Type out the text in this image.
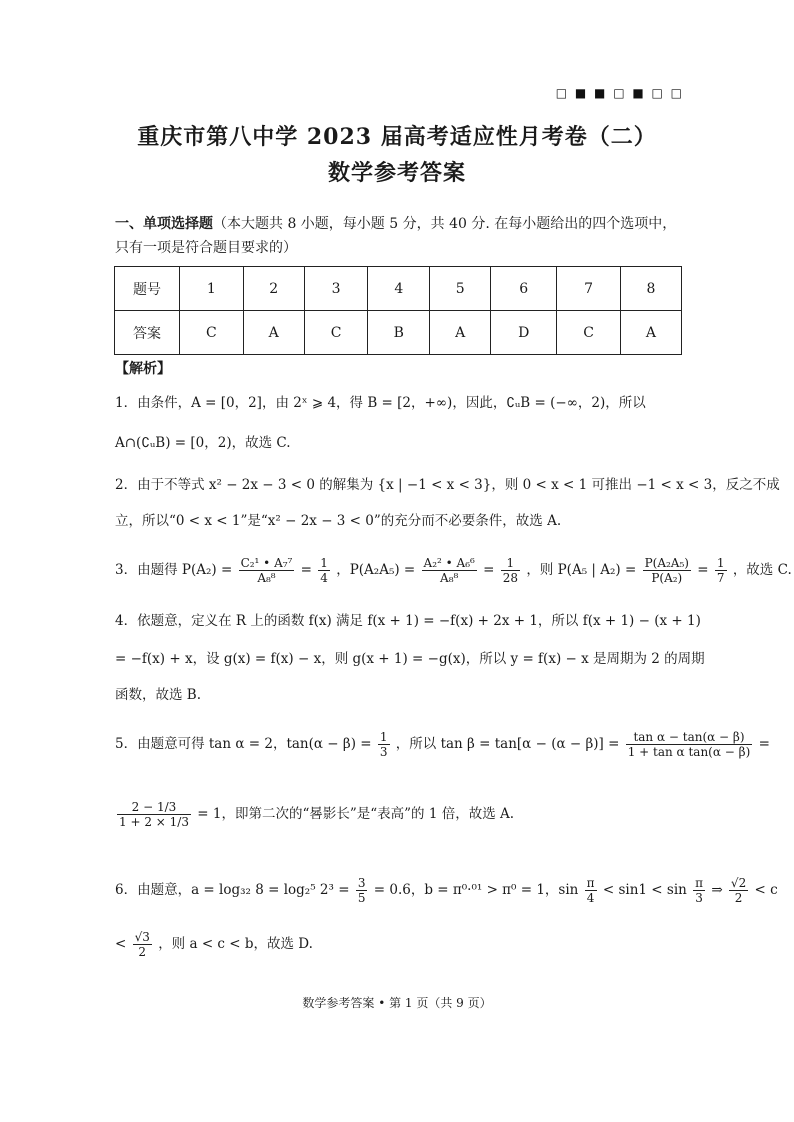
□ ■ ■ □ ■ □ □
重庆市第八中学 2023 届高考适应性月考卷（二）
数学参考答案
一、单项选择题（本大题共 8 小题，每小题 5 分，共 40 分. 在每小题给出的四个选项中，只有一项是符合题目要求的）
题号	1	2	3	4	5	6	7	8
答案	C	A	C	B	A	D	C	A
【解析】
1．由条件，A = [0，2]，由 2ˣ ⩾ 4，得 B = [2，+∞)，因此，∁ᵤB = (−∞，2)，所以
A∩(∁ᵤB) = [0，2)，故选 C.
2．由于不等式 x² − 2x − 3 < 0 的解集为 {x | −1 < x < 3}，则 0 < x < 1 可推出 −1 < x < 3，反之不成
立，所以“0 < x < 1”是“x² − 2x − 3 < 0”的充分而不必要条件，故选 A.
3．由题得 $P(A_2) = \frac{\text{C₂¹ • A₇⁷}}{\text{A₈⁸}} = \frac{1}{4}$ ，$P(A_2A_5) = \frac{\text{A₂² • A₆⁶}}{\text{A₈⁸}} = \frac{1}{28}$ ，则 P(A₅ | $A_2) = \frac{\text{P(A₂A₅)}}{\text{P(A₂)}} = \frac{1}{7}$ ，故选 C.
4．依题意，定义在 R 上的函数 f(x) 满足 f(x + 1) = −f(x) + 2x + 1，所以 f(x + 1) − (x + 1)
= −f(x) + x，设 g(x) = f(x) − x，则 g(x + 1) = −g(x)，所以 y = f(x) − x 是周期为 2 的周期
函数，故选 B.
5．由题意可得 tan α = 2，$\tan(\alpha - \beta) = \frac{1}{3}$ ，所以 $\tan \beta = \tan[\alpha - (\alpha - \beta)] = \frac{\text{tan α − tan(α − β)}}{\text{1 + tan α tan(α − β)}}$ =
$\frac{2 - 1/3}{1 + 2 \times 1/3} = 1$，即第二次的“晷影长”是“表高”的 1 倍，故选 A.
6．由题意，a = log₃₂ 8 = log₂⁵ $2^3 = \frac{3}{5} = 0.6$，b = π⁰·⁰¹ > π⁰ = 1，$\sin \frac{\pi}{4} < \sin 1 < \sin \frac{\pi}{3}$ ⇒ $\frac{√2}{2} < c$
< $\frac{√3}{2}$ ，则 a < c < b，故选 D.
数学参考答案 • 第 1 页（共 9 页）
